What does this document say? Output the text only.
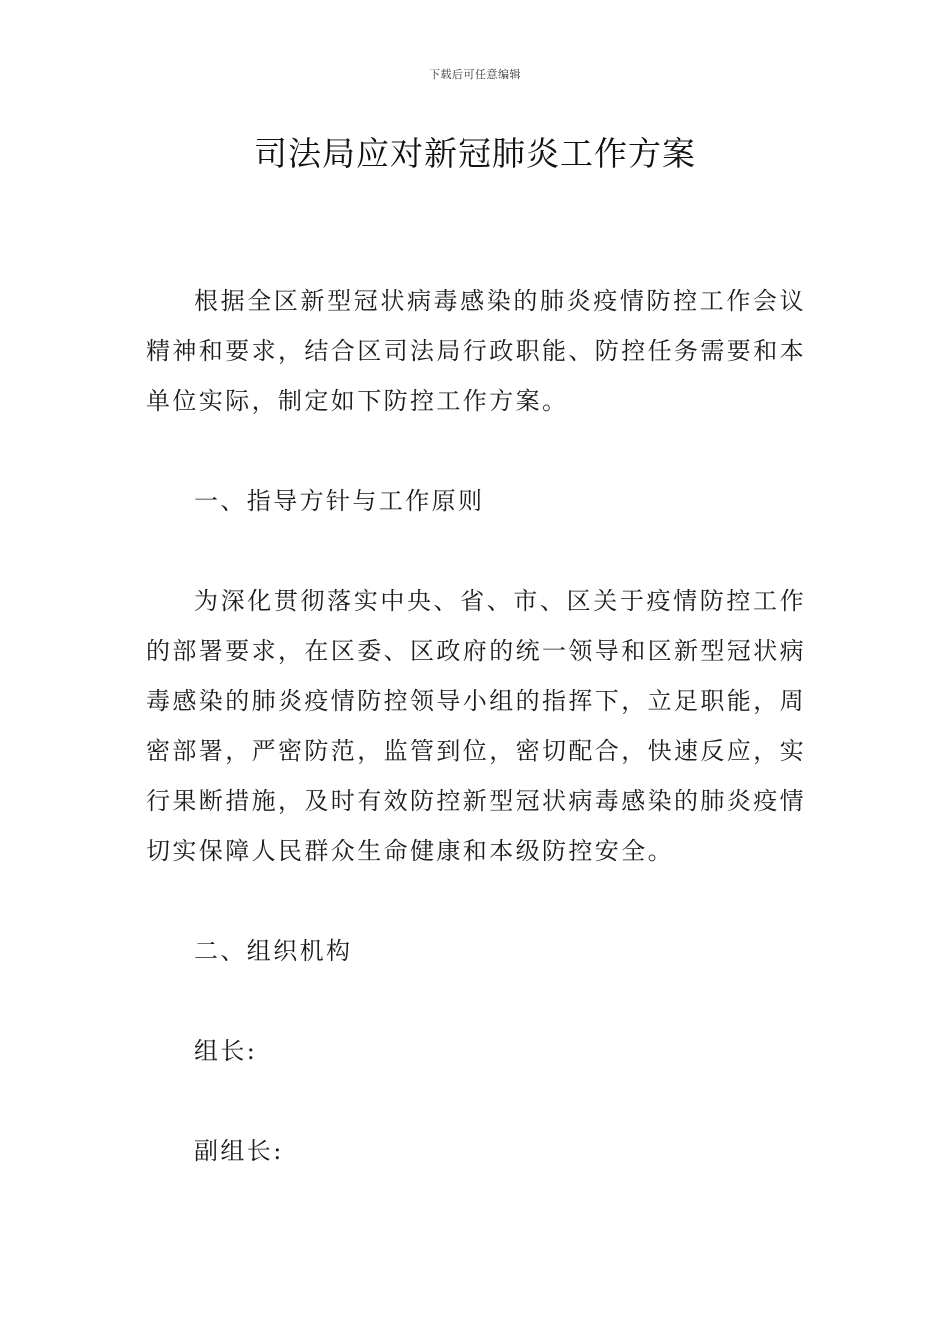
下载后可任意编辑
司法局应对新冠肺炎工作方案

根据全区新型冠状病毒感染的肺炎疫情防控工作会议精神和要求，结合区司法局行政职能、防控任务需要和本单位实际，制定如下防控工作方案。

一、指导方针与工作原则

为深化贯彻落实中央、省、市、区关于疫情防控工作的部署要求，在区委、区政府的统一领导和区新型冠状病毒感染的肺炎疫情防控领导小组的指挥下，立足职能，周密部署，严密防范，监管到位，密切配合，快速反应，实行果断措施，及时有效防控新型冠状病毒感染的肺炎疫情切实保障人民群众生命健康和本级防控安全。

二、组织机构

组长:

副组长:
